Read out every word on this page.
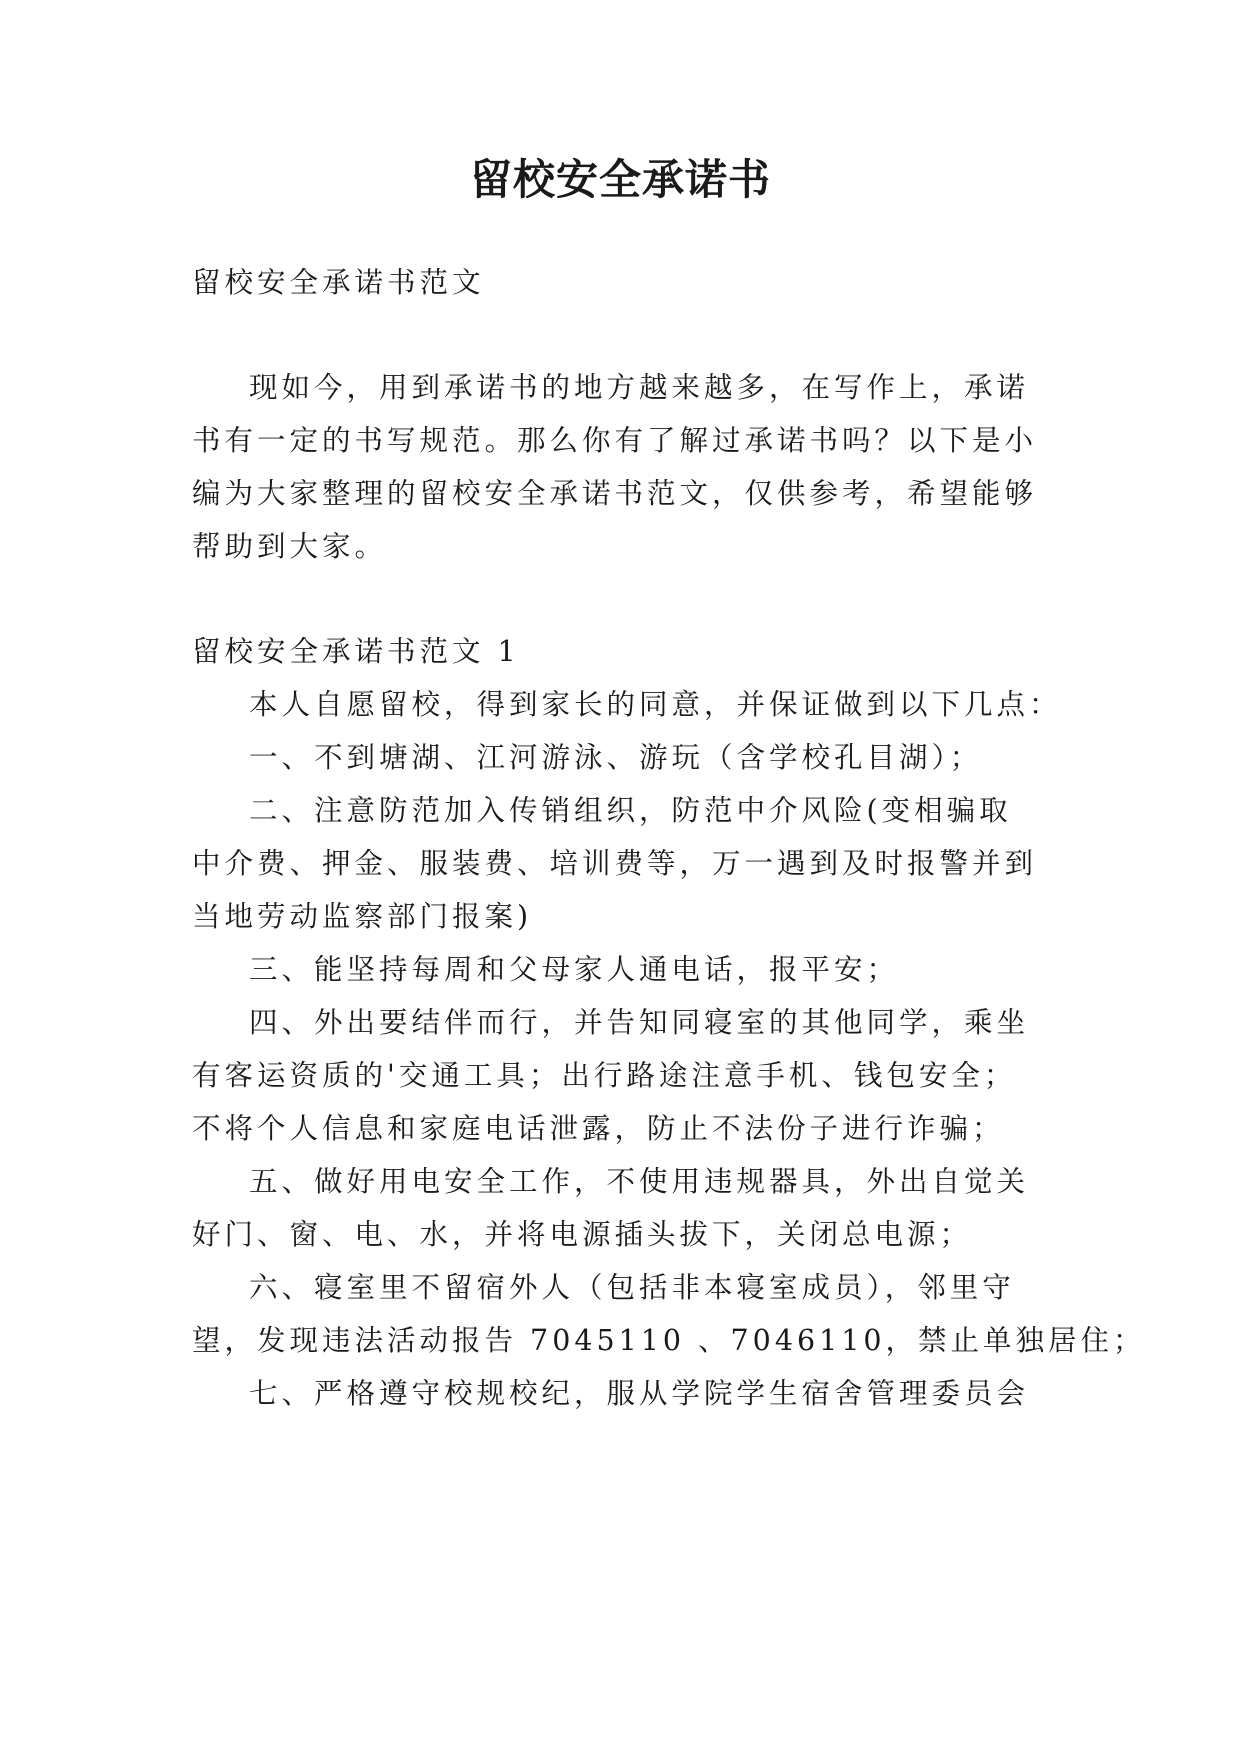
留校安全承诺书
留校安全承诺书范文
现如今，用到承诺书的地方越来越多，在写作上，承诺
书有一定的书写规范。那么你有了解过承诺书吗？以下是小
编为大家整理的留校安全承诺书范文，仅供参考，希望能够
帮助到大家。
留校安全承诺书范文 1
本人自愿留校，得到家长的同意，并保证做到以下几点：
一、不到塘湖、江河游泳、游玩（含学校孔目湖）；
二、注意防范加入传销组织，防范中介风险(变相骗取
中介费、押金、服装费、培训费等，万一遇到及时报警并到
当地劳动监察部门报案)
三、能坚持每周和父母家人通电话，报平安；
四、外出要结伴而行，并告知同寝室的其他同学，乘坐
有客运资质的'交通工具；出行路途注意手机、钱包安全；
不将个人信息和家庭电话泄露，防止不法份子进行诈骗；
五、做好用电安全工作，不使用违规器具，外出自觉关
好门、窗、电、水，并将电源插头拔下，关闭总电源；
六、寝室里不留宿外人（包括非本寝室成员），邻里守
望，发现违法活动报告 7045110 、7046110，禁止单独居住；
七、严格遵守校规校纪，服从学院学生宿舍管理委员会
